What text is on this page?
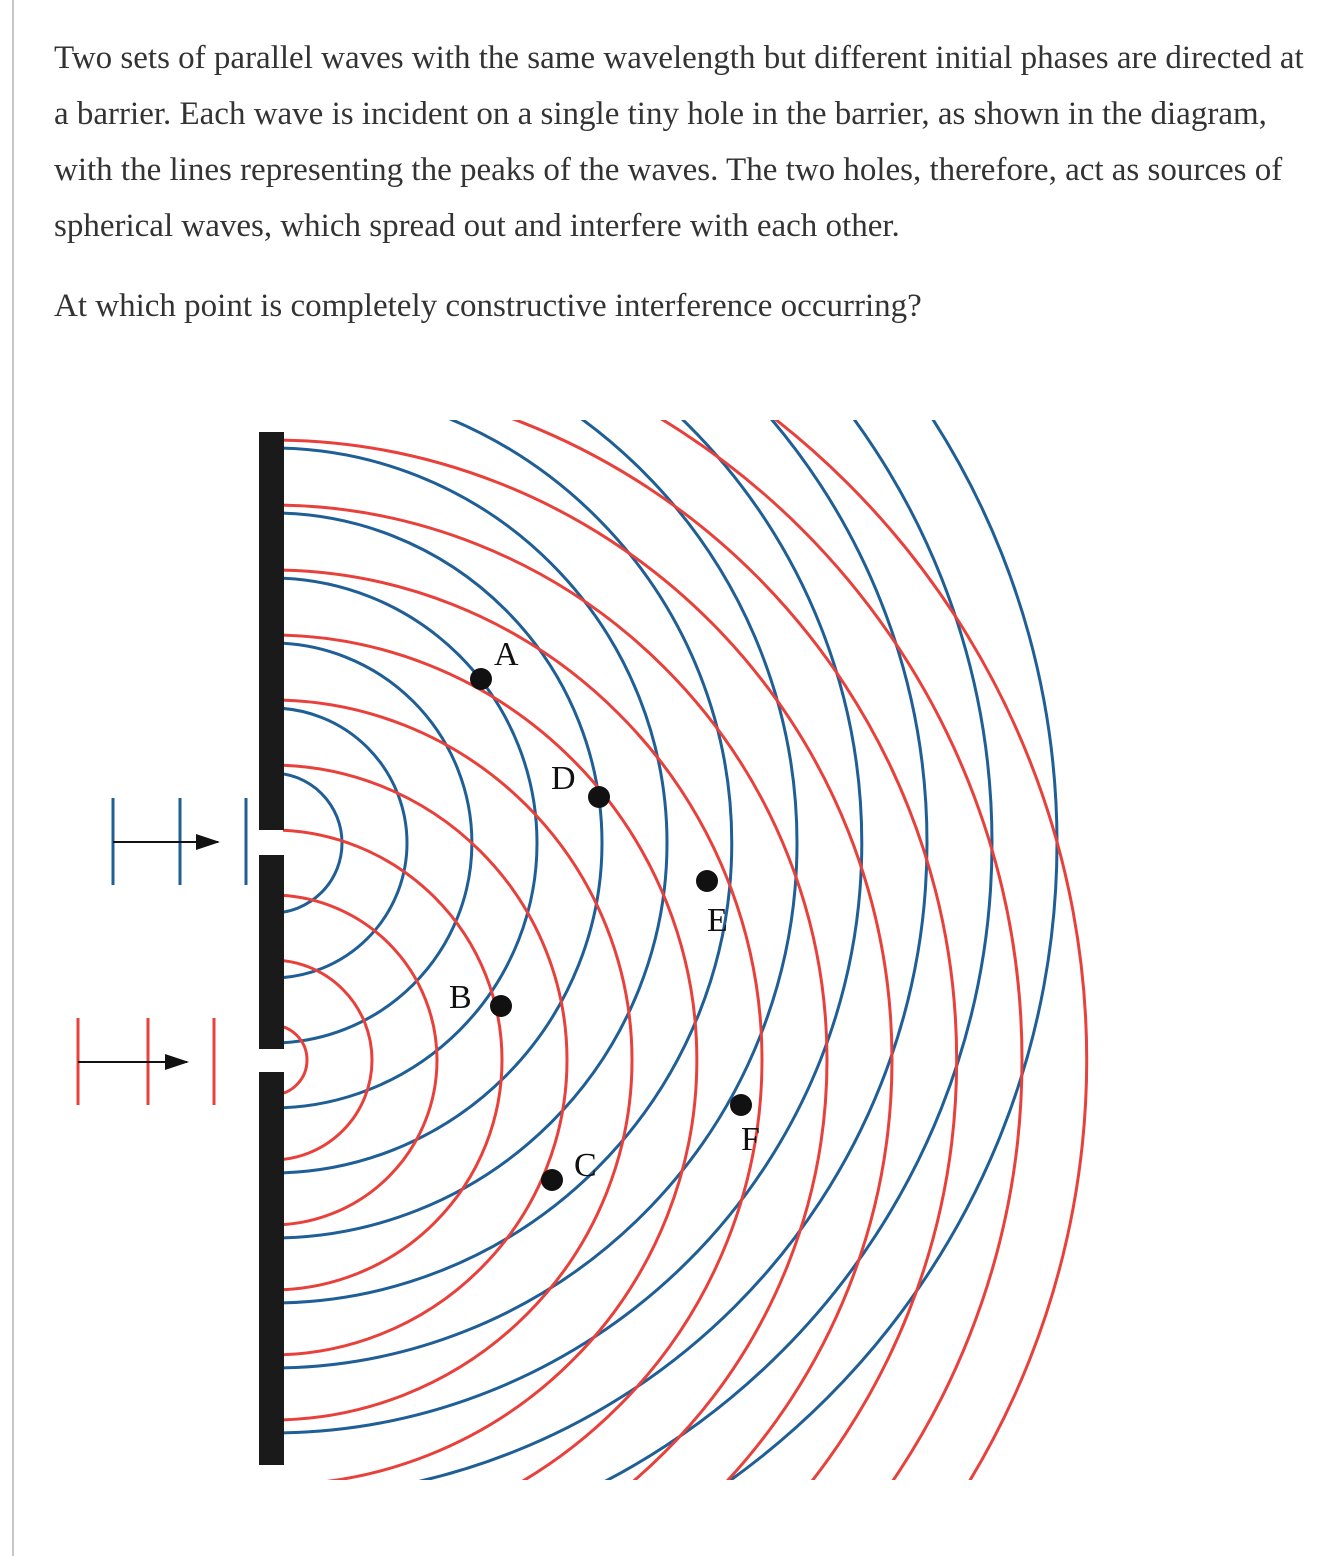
Two sets of parallel waves with the same wavelength but different initial phases are directed at a barrier. Each wave is incident on a single tiny hole in the barrier, as shown in the diagram, with the lines representing the peaks of the waves. The two holes, therefore, act as sources of spherical waves, which spread out and interfere with each other.

At which point is completely constructive interference occurring?

A
B
C
D
E
F
